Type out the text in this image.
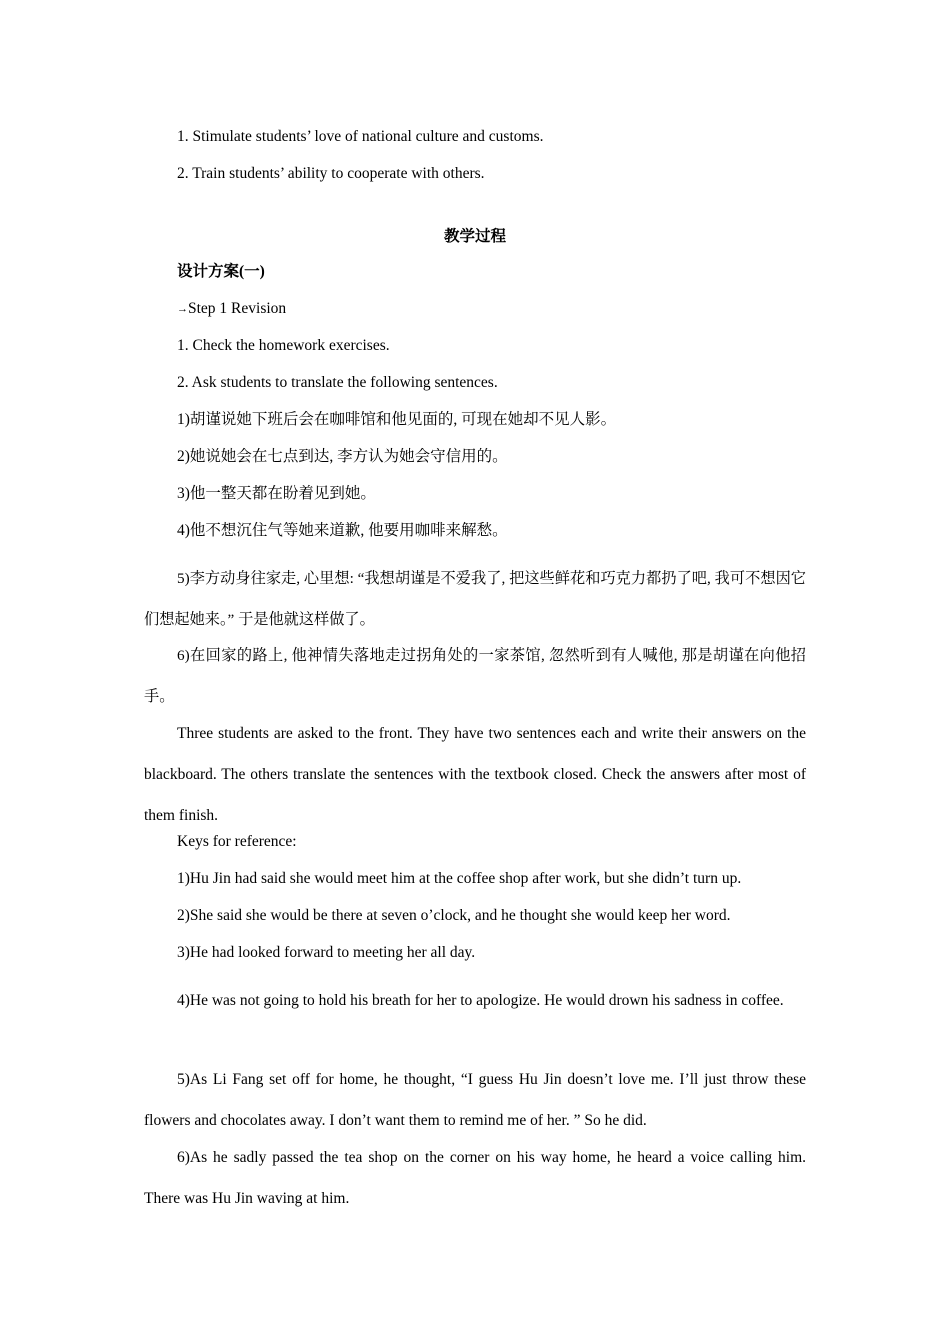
1. Stimulate students’ love of national culture and customs.
2. Train students’ ability to cooperate with others.
教学过程
设计方案(一)
→Step 1 Revision
1. Check the homework exercises.
2. Ask students to translate the following sentences.
1)胡谨说她下班后会在咖啡馆和他见面的, 可现在她却不见人影。
2)她说她会在七点到达, 李方认为她会守信用的。
3)他一整天都在盼着见到她。
4)他不想沉住气等她来道歉, 他要用咖啡来解愁。
5)李方动身往家走, 心里想: “我想胡谨是不爱我了, 把这些鲜花和巧克力都扔了吧, 我可不想因它们想起她来。” 于是他就这样做了。
6)在回家的路上, 他神情失落地走过拐角处的一家茶馆, 忽然听到有人喊他, 那是胡谨在向他招手。
Three students are asked to the front. They have two sentences each and write their answers on the blackboard. The others translate the sentences with the textbook closed. Check the answers after most of them finish.
Keys for reference:
1)Hu Jin had said she would meet him at the coffee shop after work, but she didn’t turn up.
2)She said she would be there at seven o’clock, and he thought she would keep her word.
3)He had looked forward to meeting her all day.
4)He was not going to hold his breath for her to apologize. He would drown his sadness in coffee.
5)As Li Fang set off for home, he thought, “I guess Hu Jin doesn’t love me. I’ll just throw these flowers and chocolates away. I don’t want them to remind me of her. ” So he did.
6)As he sadly passed the tea shop on the corner on his way home, he heard a voice calling him. There was Hu Jin waving at him.
